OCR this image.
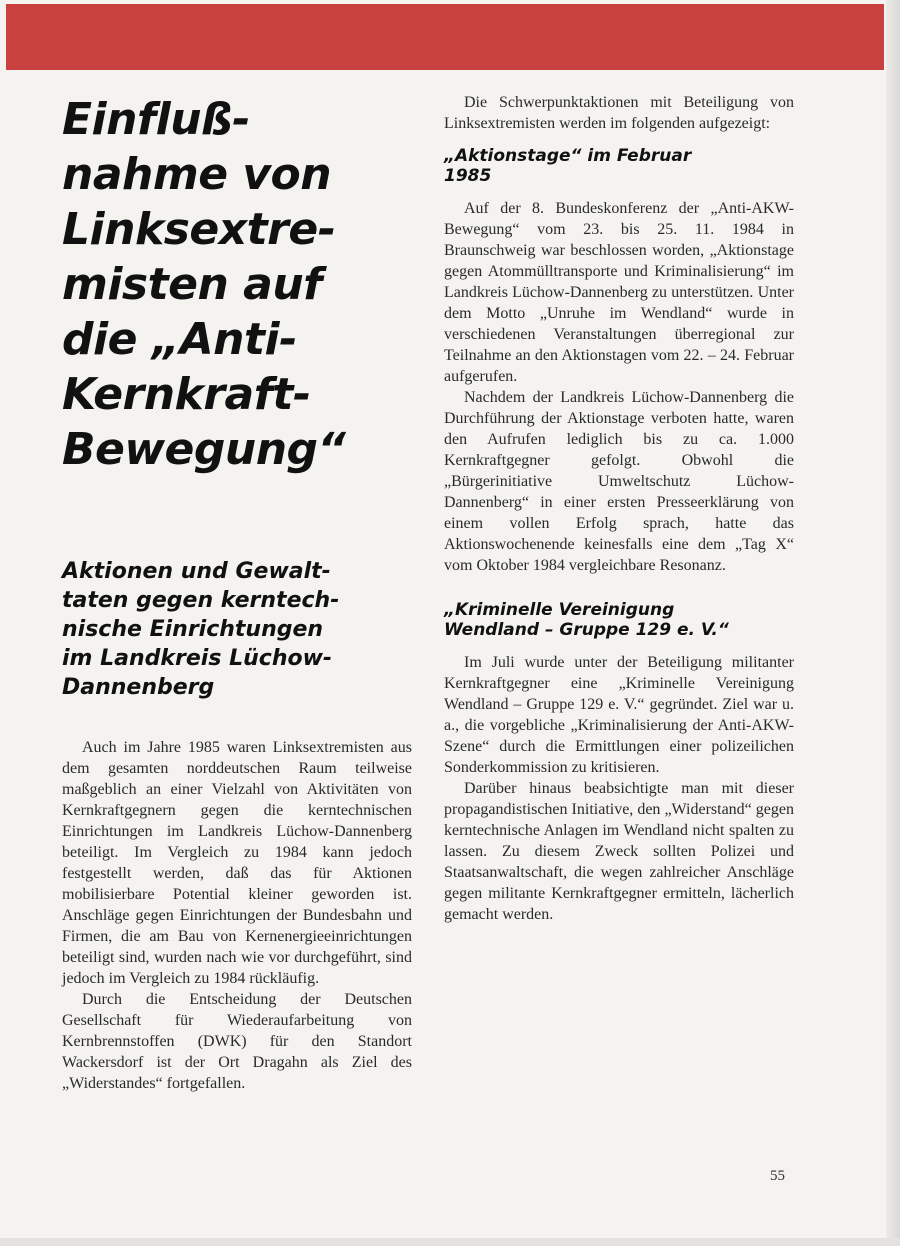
Einfluß-
nahme von
Linksextre-
misten auf
die „Anti-
Kernkraft-
Bewegung“
Aktionen und Gewalt-
taten gegen kerntech-
nische Einrichtungen
im Landkreis Lüchow-
Dannenberg

Auch im Jahre 1985 waren Linksextremisten aus dem gesamten norddeutschen Raum teilweise maßgeblich an einer Vielzahl von Aktivitäten von Kernkraftgegnern gegen die kerntechnischen Einrichtungen im Landkreis Lüchow-Dannenberg beteiligt. Im Vergleich zu 1984 kann jedoch festgestellt werden, daß das für Aktionen mobilisierbare Potential kleiner geworden ist. Anschläge gegen Einrichtungen der Bundesbahn und Firmen, die am Bau von Kernenergieeinrichtungen beteiligt sind, wurden nach wie vor durchgeführt, sind jedoch im Vergleich zu 1984 rückläufig.

Durch die Entscheidung der Deutschen Gesellschaft für Wiederaufarbeitung von Kernbrennstoffen (DWK) für den Standort Wackersdorf ist der Ort Dragahn als Ziel des „Widerstandes“ fortgefallen.

Die Schwerpunktaktionen mit Beteiligung von Linksextremisten werden im folgenden aufgezeigt:

„Aktionstage“ im Februar
1985

Auf der 8. Bundeskonferenz der „Anti-AKW-Bewegung“ vom 23. bis 25. 11. 1984 in Braunschweig war beschlossen worden, „Aktionstage gegen Atommülltransporte und Kriminalisierung“ im Landkreis Lüchow-Dannenberg zu unterstützen. Unter dem Motto „Unruhe im Wendland“ wurde in verschiedenen Veranstaltungen überregional zur Teilnahme an den Aktionstagen vom 22. – 24. Februar aufgerufen.

Nachdem der Landkreis Lüchow-Dannenberg die Durchführung der Aktionstage verboten hatte, waren den Aufrufen lediglich bis zu ca. 1.000 Kernkraftgegner gefolgt. Obwohl die „Bürgerinitiative Umweltschutz Lüchow-Dannenberg“ in einer ersten Presseerklärung von einem vollen Erfolg sprach, hatte das Aktionswochenende keinesfalls eine dem „Tag X“ vom Oktober 1984 vergleichbare Resonanz.

„Kriminelle Vereinigung
Wendland – Gruppe 129 e. V.“

Im Juli wurde unter der Beteiligung militanter Kernkraftgegner eine „Kriminelle Vereinigung Wendland – Gruppe 129 e. V.“ gegründet. Ziel war u. a., die vorgebliche „Kriminalisierung der Anti-AKW-Szene“ durch die Ermittlungen einer polizeilichen Sonderkommission zu kritisieren.

Darüber hinaus beabsichtigte man mit dieser propagandistischen Initiative, den „Widerstand“ gegen kerntechnische Anlagen im Wendland nicht spalten zu lassen. Zu diesem Zweck sollten Polizei und Staatsanwaltschaft, die wegen zahlreicher Anschläge gegen militante Kernkraftgegner ermitteln, lächerlich gemacht werden.

55
